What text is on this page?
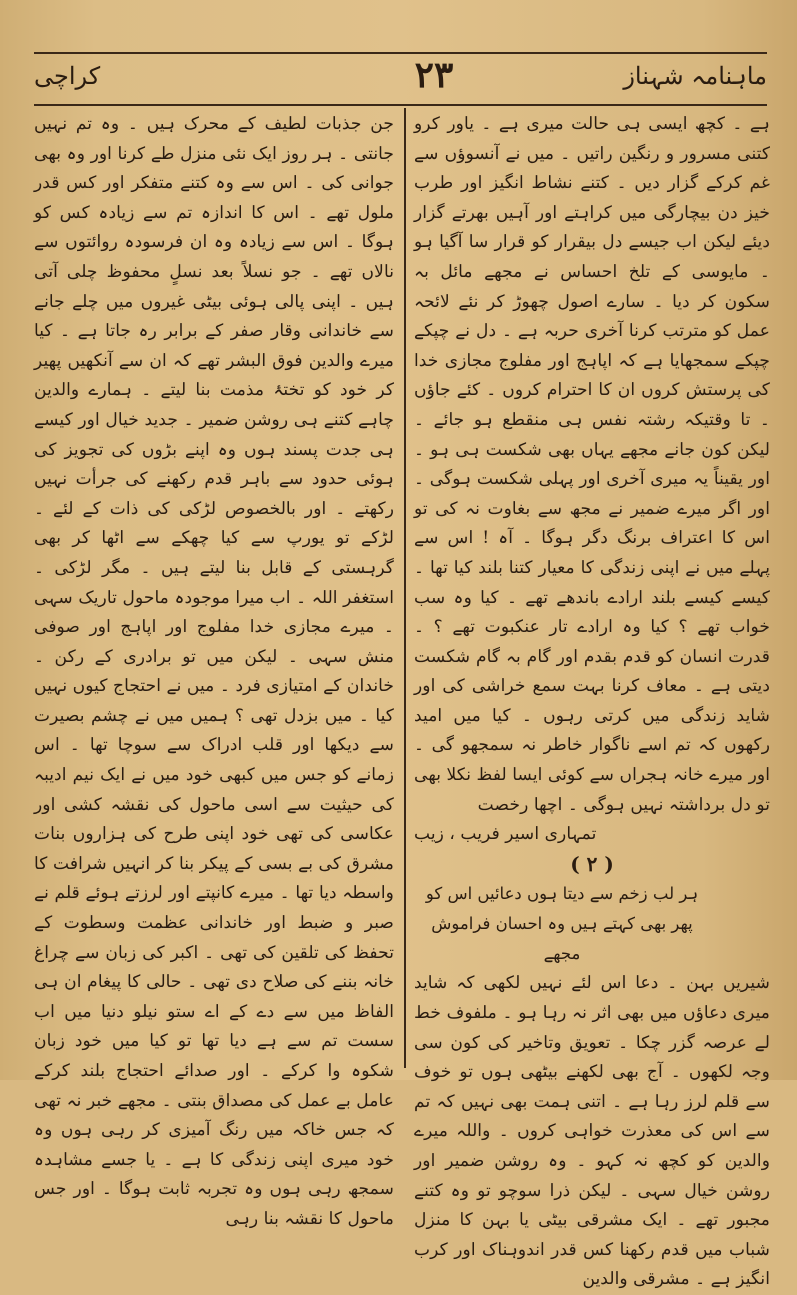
ماہنامہ شہناز
۲۳
کراچی

ہے ۔ کچھ ایسی ہی حالت میری ہے ۔ یاور کرو کتنی مسرور و رنگین راتیں ۔ میں نے آنسوؤں سے غم کرکے گزار دیں ۔ کتنے نشاط انگیز اور طرب خیز دن بیچارگی میں کراہتے اور آہیں بھرتے گزار دیئے لیکن اب جیسے دل بیقرار کو قرار سا آگیا ہو ۔ مایوسی کے تلخ احساس نے مجھے مائل بہ سکون کر دیا ۔ سارے اصول چھوڑ کر نئے لائحہ عمل کو مترتب کرنا آخری حربہ ہے ۔ دل نے چپکے چپکے سمجھایا ہے کہ اپاہج اور مفلوج مجازی خدا کی پرستش کروں ان کا احترام کروں ۔ کئے جاؤں ۔ تا وقتیکہ رشتہ نفس ہی منقطع ہو جائے ۔ لیکن کون جانے مجھے یہاں بھی شکست ہی ہو ۔ اور یقیناً یہ میری آخری اور پہلی شکست ہوگی ۔ اور اگر میرے ضمیر نے مجھ سے بغاوت نہ کی تو اس کا اعتراف برنگ دگر ہوگا ۔ آہ ! اس سے پہلے میں نے اپنی زندگی کا معیار کتنا بلند کیا تھا ۔ کیسے کیسے بلند ارادے باندھے تھے ۔ کیا وہ سب خواب تھے ؟ کیا وہ ارادے تار عنکبوت تھے ؟ ۔ قدرت انسان کو قدم بقدم اور گام بہ گام شکست دیتی ہے ۔ معاف کرنا بہت سمع خراشی کی اور شاید زندگی میں کرتی رہوں ۔ کیا میں امید رکھوں کہ تم اسے ناگوار خاطر نہ سمجھو گی ۔ اور میرے خانہ ہجراں سے کوئی ایسا لفظ نکلا بھی تو دل برداشتہ نہیں ہوگی ۔ اچھا رخصت

تمہاری اسیر فریب ، زیب

( ۲ )

ہر لب زخم سے دیتا ہوں دعائیں اس کو

پھر بھی کہتے ہیں وہ احسان فراموش مجھے

شیریں بہن ۔ دعا اس لئے نہیں لکھی کہ شاید میری دعاؤں میں بھی اثر نہ رہا ہو ۔ ملفوف خط لے عرصہ گزر چکا ۔ تعویق وتاخیر کی کون سی وجہ لکھوں ۔ آج بھی لکھنے بیٹھی ہوں تو خوف سے قلم لرز رہا ہے ۔ اتنی ہمت بھی نہیں کہ تم سے اس کی معذرت خواہی کروں ۔ واللہ میرے والدین کو کچھ نہ کہو ۔ وہ روشن ضمیر اور روشن خیال سہی ۔ لیکن ذرا سوچو تو وہ کتنے مجبور تھے ۔ ایک مشرقی بیٹی یا بہن کا منزل شباب میں قدم رکھنا کس قدر اندوہناک اور کرب انگیز ہے ۔ مشرقی والدین

جن جذبات لطیف کے محرک ہیں ۔ وہ تم نہیں جانتی ۔ ہر روز ایک نئی منزل طے کرنا اور وہ بھی جوانی کی ۔ اس سے وہ کتنے متفکر اور کس قدر ملول تھے ۔ اس کا اندازہ تم سے زیادہ کس کو ہوگا ۔ اس سے زیادہ وہ ان فرسودہ روائتوں سے نالاں تھے ۔ جو نسلاً بعد نسلٍ محفوظ چلی آتی ہیں ۔ اپنی پالی ہوئی بیٹی غیروں میں چلے جانے سے خاندانی وقار صفر کے برابر رہ جاتا ہے ۔ کیا میرے والدین فوق البشر تھے کہ ان سے آنکھیں پھیر کر خود کو تختۂ مذمت بنا لیتے ۔ ہمارے والدین چاہے کتنے ہی روشن ضمیر ۔ جدید خیال اور کیسے ہی جدت پسند ہوں وہ اپنے بڑوں کی تجویز کی ہوئی حدود سے باہر قدم رکھنے کی جرأت نہیں رکھتے ۔ اور بالخصوص لڑکی کی ذات کے لئے ۔ لڑکے تو یورپ سے کیا چھکے سے اٹھا کر بھی گرہستی کے قابل بنا لیتے ہیں ۔ مگر لڑکی ۔ استغفر اللہ ۔ اب میرا موجودہ ماحول تاریک سہی ۔ میرے مجازی خدا مفلوج اور اپاہج اور صوفی منش سہی ۔ لیکن میں تو برادری کے رکن ۔ خاندان کے امتیازی فرد ۔ میں نے احتجاج کیوں نہیں کیا ۔ میں بزدل تھی ؟ ہمیں میں نے چشم بصیرت سے دیکھا اور قلب ادراک سے سوچا تھا ۔ اس زمانے کو جس میں کبھی خود میں نے ایک نیم ادیبہ کی حیثیت سے اسی ماحول کی نقشہ کشی اور عکاسی کی تھی خود اپنی طرح کی ہزاروں بنات مشرق کی بے بسی کے پیکر بنا کر انہیں شرافت کا واسطہ دیا تھا ۔ میرے کانپتے اور لرزتے ہوئے قلم نے صبر و ضبط اور خاندانی عظمت وسطوت کے تحفظ کی تلقین کی تھی ۔ اکبر کی زبان سے چراغ خانہ بننے کی صلاح دی تھی ۔ حالی کا پیغام ان ہی الفاظ میں سے دے کے اے ستو نیلو دنیا میں اب سست تم سے ہے دیا تھا تو کیا میں خود زبان شکوہ وا کرکے ۔ اور صدائے احتجاج بلند کرکے عامل بے عمل کی مصداق بنتی ۔ مجھے خبر نہ تھی کہ جس خاکہ میں رنگ آمیزی کر رہی ہوں وہ خود میری اپنی زندگی کا ہے ۔ یا جسے مشاہدہ سمجھ رہی ہوں وہ تجربہ ثابت ہوگا ۔ اور جس ماحول کا نقشہ بنا رہی
